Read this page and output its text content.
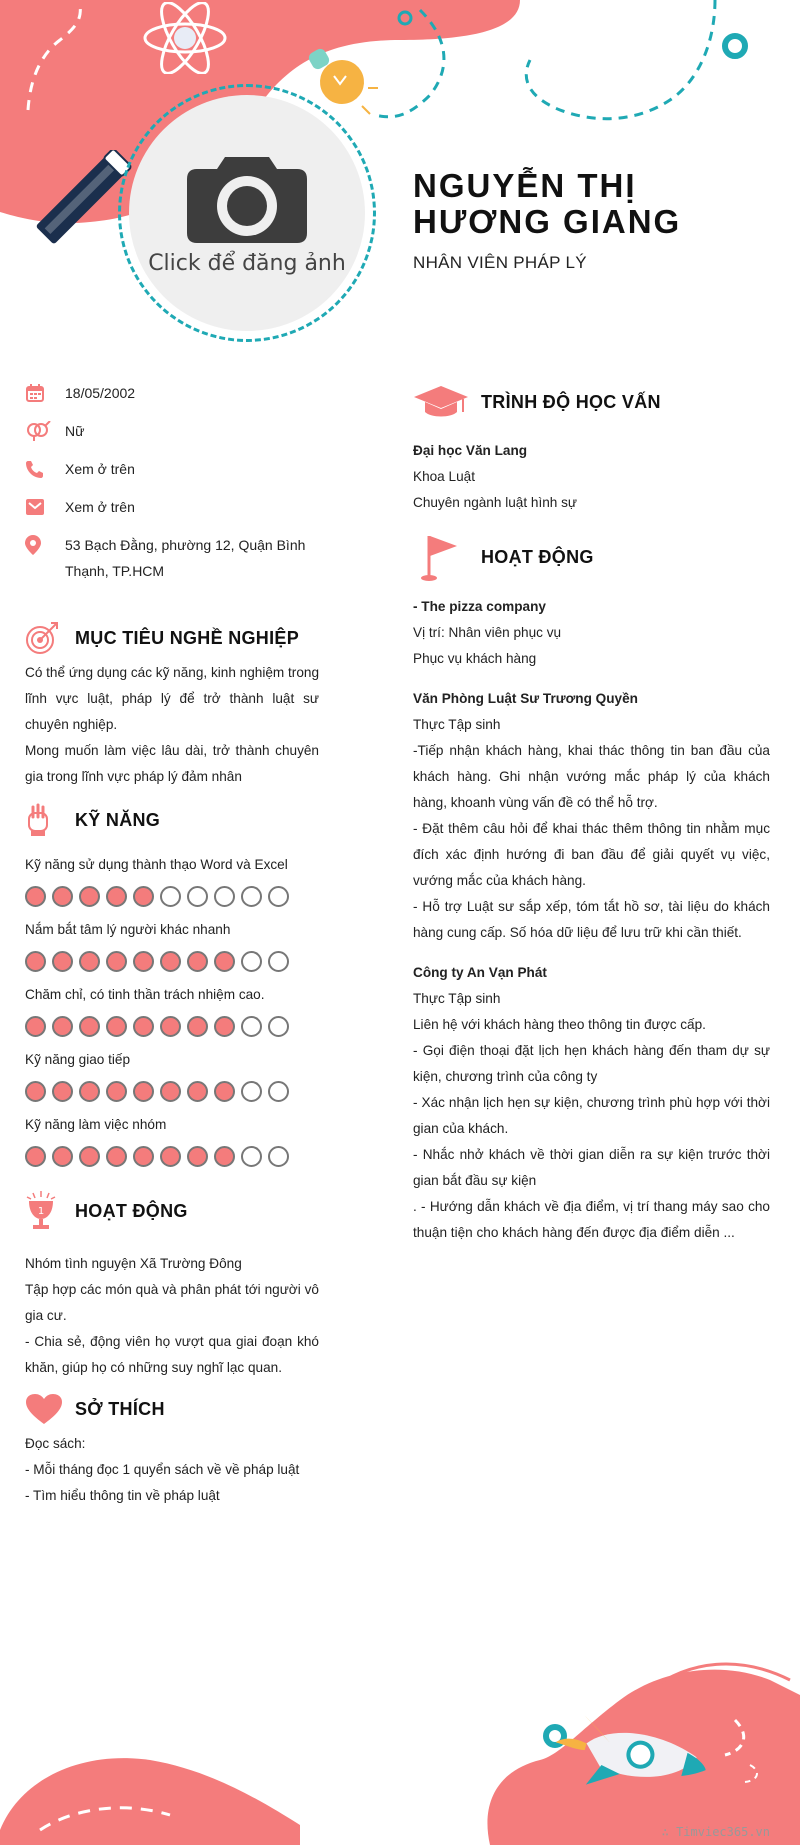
Click để đăng ảnh
NGUYỄN THỊ HƯƠNG GIANG
NHÂN VIÊN PHÁP LÝ
18/05/2002
Nữ
Xem ở trên
Xem ở trên
53 Bạch Đằng, phường 12, Quận Bình Thạnh, TP.HCM
MỤC TIÊU NGHỀ NGHIỆP

Có thể ứng dụng các kỹ năng, kinh nghiệm trong lĩnh vực luật, pháp lý để trở thành luật sư chuyên nghiệp.

Mong muốn làm việc lâu dài, trở thành chuyên gia trong lĩnh vực pháp lý đảm nhân

KỸ NĂNG
Kỹ năng sử dụng thành thạo Word và Excel
Nắm bắt tâm lý người khác nhanh
Chăm chỉ, có tinh thần trách nhiệm cao.
Kỹ năng giao tiếp
Kỹ năng làm việc nhóm
1 HOẠT ĐỘNG

Nhóm tình nguyện Xã Trường Đông

Tập hợp các món quà và phân phát tới người vô gia cư.

- Chia sẻ, động viên họ vượt qua giai đoạn khó khăn, giúp họ có những suy nghĩ lạc quan.

SỞ THÍCH

Đọc sách:

- Mỗi tháng đọc 1 quyển sách về về pháp luật

- Tìm hiểu thông tin về pháp luật

TRÌNH ĐỘ HỌC VẤN

Đại học Văn Lang

Khoa Luật

Chuyên ngành luật hình sự

HOẠT ĐỘNG

- The pizza company

Vị trí: Nhân viên phục vụ

Phục vụ khách hàng

Văn Phòng Luật Sư Trương Quyền

Thực Tập sinh

-Tiếp nhận khách hàng, khai thác thông tin ban đầu của khách hàng. Ghi nhận vướng mắc pháp lý của khách hàng, khoanh vùng vấn đề có thể hỗ trợ.

- Đặt thêm câu hỏi để khai thác thêm thông tin nhằm mục đích xác định hướng đi ban đầu để giải quyết vụ việc, vướng mắc của khách hàng.

- Hỗ trợ Luật sư sắp xếp, tóm tắt hồ sơ, tài liệu do khách hàng cung cấp. Số hóa dữ liệu để lưu trữ khi cần thiết.

Công ty An Vạn Phát

Thực Tập sinh

Liên hệ với khách hàng theo thông tin được cấp.

- Gọi điện thoại đặt lịch hẹn khách hàng đến tham dự sự kiện, chương trình của công ty

- Xác nhận lịch hẹn sự kiện, chương trình phù hợp với thời gian của khách.

- Nhắc nhở khách về thời gian diễn ra sự kiện trước thời gian bắt đầu sự kiện

. - Hướng dẫn khách về địa điểm, vị trí thang máy sao cho thuận tiện cho khách hàng đến được địa điểm diễn ...

∴ Timviec365.vn
